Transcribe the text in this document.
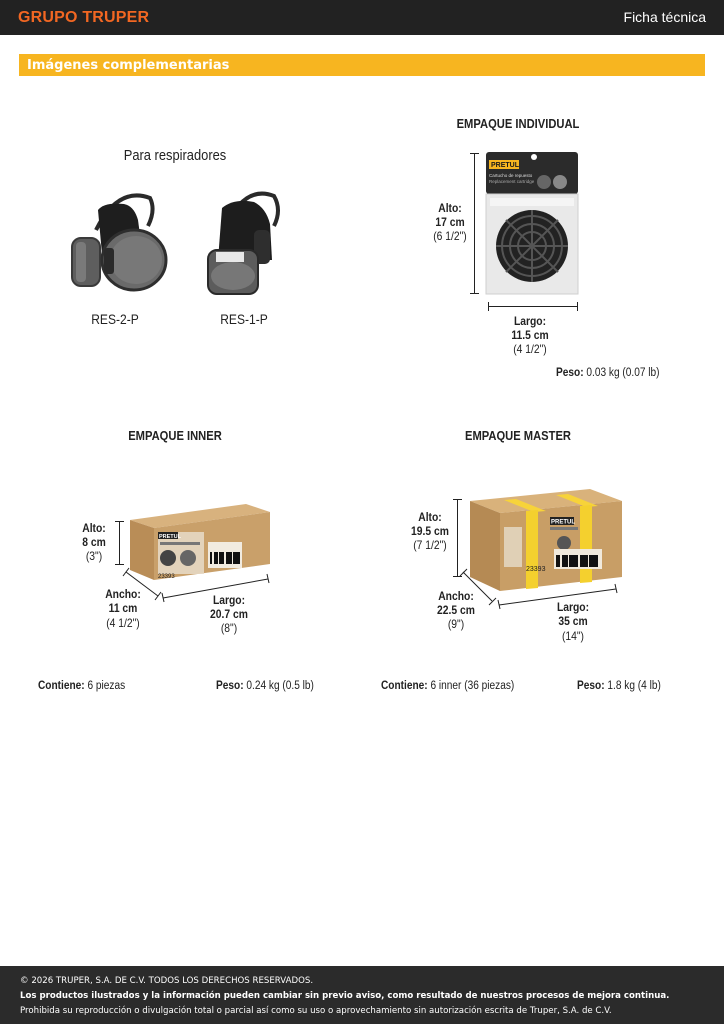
GRUPO TRUPER	Ficha técnica
Imágenes complementarias
Para respiradores
RES-2-P	RES-1-P
EMPAQUE INDIVIDUAL
PRETUL
Cartucho de repuesto
Replacement cartridge
Alto:
17 cm
(6 1/2")
Largo:
11.5 cm
(4 1/2")
Peso: 0.03 kg (0.07 lb)
EMPAQUE INNER
PRETUL
23393
Alto:
8 cm
(3")
Ancho:
11 cm
(4 1/2")
Largo:
20.7 cm
(8")
Contiene: 6 piezas	Peso: 0.24 kg (0.5 lb)
EMPAQUE MASTER
PRETUL
23393
Alto:
19.5 cm
(7 1/2")
Ancho:
22.5 cm
(9")
Largo:
35 cm
(14")
Contiene: 6 inner (36 piezas)	Peso: 1.8 kg (4 lb)
© 2026 TRUPER, S.A. DE C.V. TODOS LOS DERECHOS RESERVADOS.
Los productos ilustrados y la información pueden cambiar sin previo aviso, como resultado de nuestros procesos de mejora continua.
Prohibida su reproducción o divulgación total o parcial así como su uso o aprovechamiento sin autorización escrita de Truper, S.A. de C.V.
